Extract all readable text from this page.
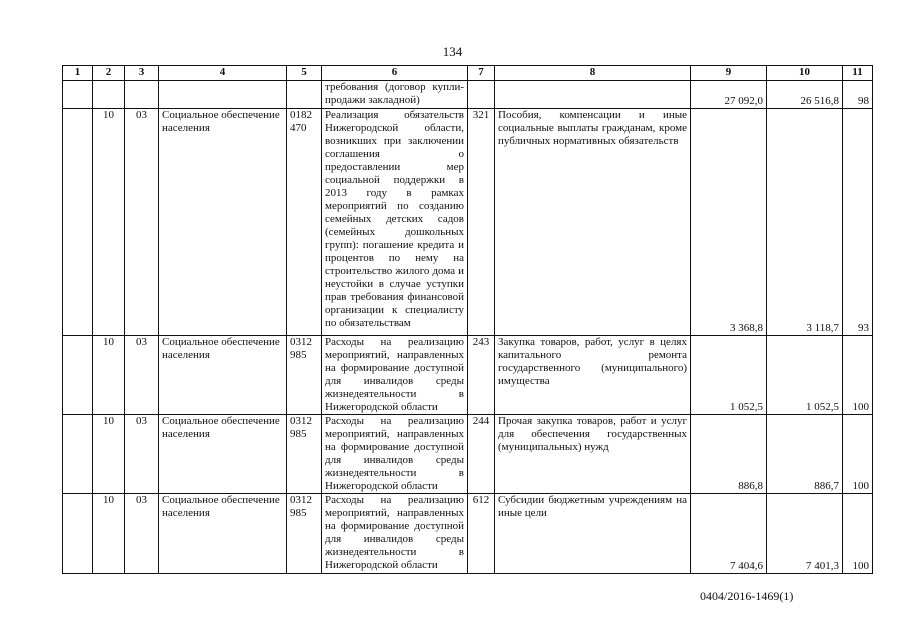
134
1	2	3	4	5	6	7	8	9	10	11
					требования (договор купли-продажи закладной)			27 092,0	26 516,8	98
	10	03	Социальное обеспечение населения	0182 470	Реализация обязательств Нижегородской области, возникших при заключении соглашения о предоставлении мер социальной поддержки в 2013 году в рамках мероприятий по созданию семейных детских садов (семейных дошкольных групп): погашение кредита и процентов по нему на строительство жилого дома и неустойки в случае уступки прав требования финансовой организации к специалисту по обязательствам	321	Пособия, компенсации и иные социальные выплаты гражданам, кроме публичных нормативных обязательств	3 368,8	3 118,7	93
	10	03	Социальное обеспечение населения	0312 985	Расходы на реализацию мероприятий, направленных на формирование доступной для инвалидов среды жизнедеятельности в Нижегородской области	243	Закупка товаров, работ, услуг в целях капитального ремонта государственного (муниципального) имущества	1 052,5	1 052,5	100
	10	03	Социальное обеспечение населения	0312 985	Расходы на реализацию мероприятий, направленных на формирование доступной для инвалидов среды жизнедеятельности в Нижегородской области	244	Прочая закупка товаров, работ и услуг для обеспечения государственных (муниципальных) нужд	886,8	886,7	100
	10	03	Социальное обеспечение населения	0312 985	Расходы на реализацию мероприятий, направленных на формирование доступной для инвалидов среды жизнедеятельности в Нижегородской области	612	Субсидии бюджетным учреждениям на иные цели	7 404,6	7 401,3	100
0404/2016-1469(1)
